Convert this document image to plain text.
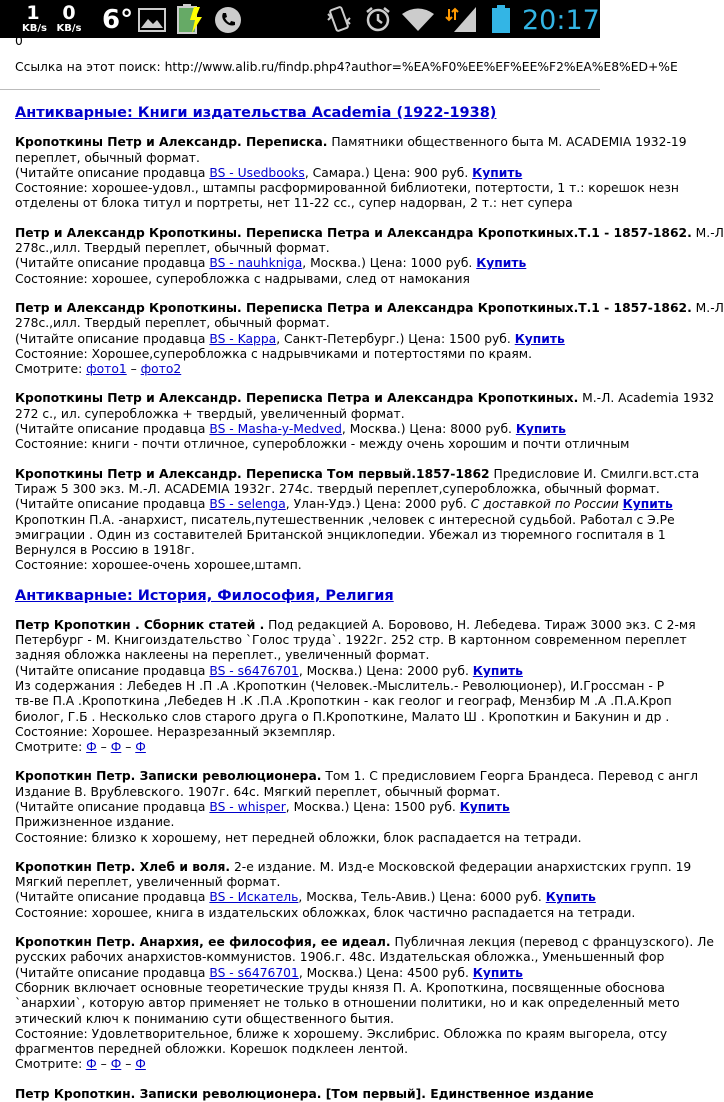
1
KB/s
0
KB/s 6°	20:17

0

Ссылка на этот поиск: http://www.alib.ru/findp.php4?author=%EA%F0%EE%EF%EE%F2%EA%E8%ED+%E

Антикварные: Книги издательства Academia (1922-1938)

Кропоткины Петр и Александр. Переписка. Памятники общественного быта М. ACADEMIA 1932-19

переплет, обычный формат.

(Читайте описание продавца BS - Usedbooks, Самара.) Цена: 900 руб. Купить

Состояние: хорошее-удовл., штампы расформированной библиотеки, потертости, 1 т.: корешок незн

отделены от блока титул и портреты, нет 11-22 сс., супер надорван, 2 т.: нет супера

Петр и Александр Кропоткины. Переписка Петра и Александра Кропоткиных.Т.1 - 1857-1862. М.-Л

278с.,илл. Твердый переплет, обычный формат.

(Читайте описание продавца BS - nauhkniga, Москва.) Цена: 1000 руб. Купить

Состояние: хорошее, суперобложка с надрывами, след от намокания

Петр и Александр Кропоткины. Переписка Петра и Александра Кропоткиных.Т.1 - 1857-1862. М.-Л

278с.,илл. Твердый переплет, обычный формат.

(Читайте описание продавца BS - Kappa, Санкт-Петербург.) Цена: 1500 руб. Купить

Состояние: Хорошее,суперобложка с надрывчиками и потертостями по краям.

Смотрите: фото1 – фото2

Кропоткины Петр и Александр. Переписка Петра и Александра Кропоткиных. М.-Л. Academia 1932

272 с., ил. суперобложка + твердый, увеличенный формат.

(Читайте описание продавца BS - Masha-y-Medved, Москва.) Цена: 8000 руб. Купить

Состояние: книги - почти отличное, суперобложки - между очень хорошим и почти отличным

Кропоткины Петр и Александр. Переписка Том первый.1857-1862 Предисловие И. Смилги.вст.ста

Тираж 5 300 экз. М.-Л. ACADEMIA 1932г. 274с. твердый переплет,суперобложка, обычный формат.

(Читайте описание продавца BS - selenga, Улан-Удэ.) Цена: 2000 руб. С доставкой по России Купить

Кропоткин П.А. -анархист, писатель,путешественник ,человек с интересной судьбой. Работал с Э.Ре

эмиграции . Один из составителей Британской энциклопедии. Убежал из тюремного госпиталя в 1

Вернулся в Россию в 1918г.

Состояние: хорошее-очень хорошее,штамп.

Антикварные: История, Философия, Религия

Петр Кропоткин . Сборник статей . Под редакцией А. Боровово, Н. Лебедева. Тираж 3000 экз. С 2-мя

Петербург - М. Книгоиздательство `Голос труда`. 1922г. 252 стр. В картонном современном переплет

задняя обложка наклеены на переплет., увеличенный формат.

(Читайте описание продавца BS - s6476701, Москва.) Цена: 2000 руб. Купить

Из содержания : Лебедев Н .П .А .Кропоткин (Человек.-Мыслитель.- Революционер), И.Гроссман - Р

тв-ве П.А .Кропоткина ,Лебедев Н .К .П.А .Кропоткин - как геолог и географ, Мензбир М .А .П.А.Кроп

биолог, Г.Б . Несколько слов старого друга о П.Кропоткине, Малато Ш . Кропоткин и Бакунин и др .

Состояние: Хорошее. Неразрезанный экземпляр.

Смотрите: Ф – Ф – Ф

Кропоткин Петр. Записки революционера. Том 1. С предисловием Георга Брандеса. Перевод с англ

Издание В. Врублевского. 1907г. 64с. Мягкий переплет, обычный формат.

(Читайте описание продавца BS - whisper, Москва.) Цена: 1500 руб. Купить

Прижизненное издание.

Состояние: близко к хорошему, нет передней обложки, блок распадается на тетради.

Кропоткин Петр. Хлеб и воля. 2-е издание. М. Изд-е Московской федерации анархистских групп. 19

Мягкий переплет, увеличенный формат.

(Читайте описание продавца BS - Искатель, Москва, Тель-Авив.) Цена: 6000 руб. Купить

Состояние: хорошее, книга в издательских обложках, блок частично распадается на тетради.

Кропоткин Петр. Анархия, ее философия, ее идеал. Публичная лекция (перевод с французского). Ле

русских рабочих анархистов-коммунистов. 1906.г. 48с. Издательская обложка., Уменьшенный фор

(Читайте описание продавца BS - s6476701, Москва.) Цена: 4500 руб. Купить

Сборник включает основные теоретические труды князя П. А. Кропоткина, посвященные обоснова

`анархии`, которую автор применяет не только в отношении политики, но и как определенный мето

этический ключ к пониманию сути общественного бытия.

Состояние: Удовлетворительное, ближе к хорошему. Экслибрис. Обложка по краям выгорела, отсу

фрагментов передней обложки. Корешок подклеен лентой.

Смотрите: Ф – Ф – Ф

Петр Кропоткин. Записки революционера. [Том первый]. Единственное издание
